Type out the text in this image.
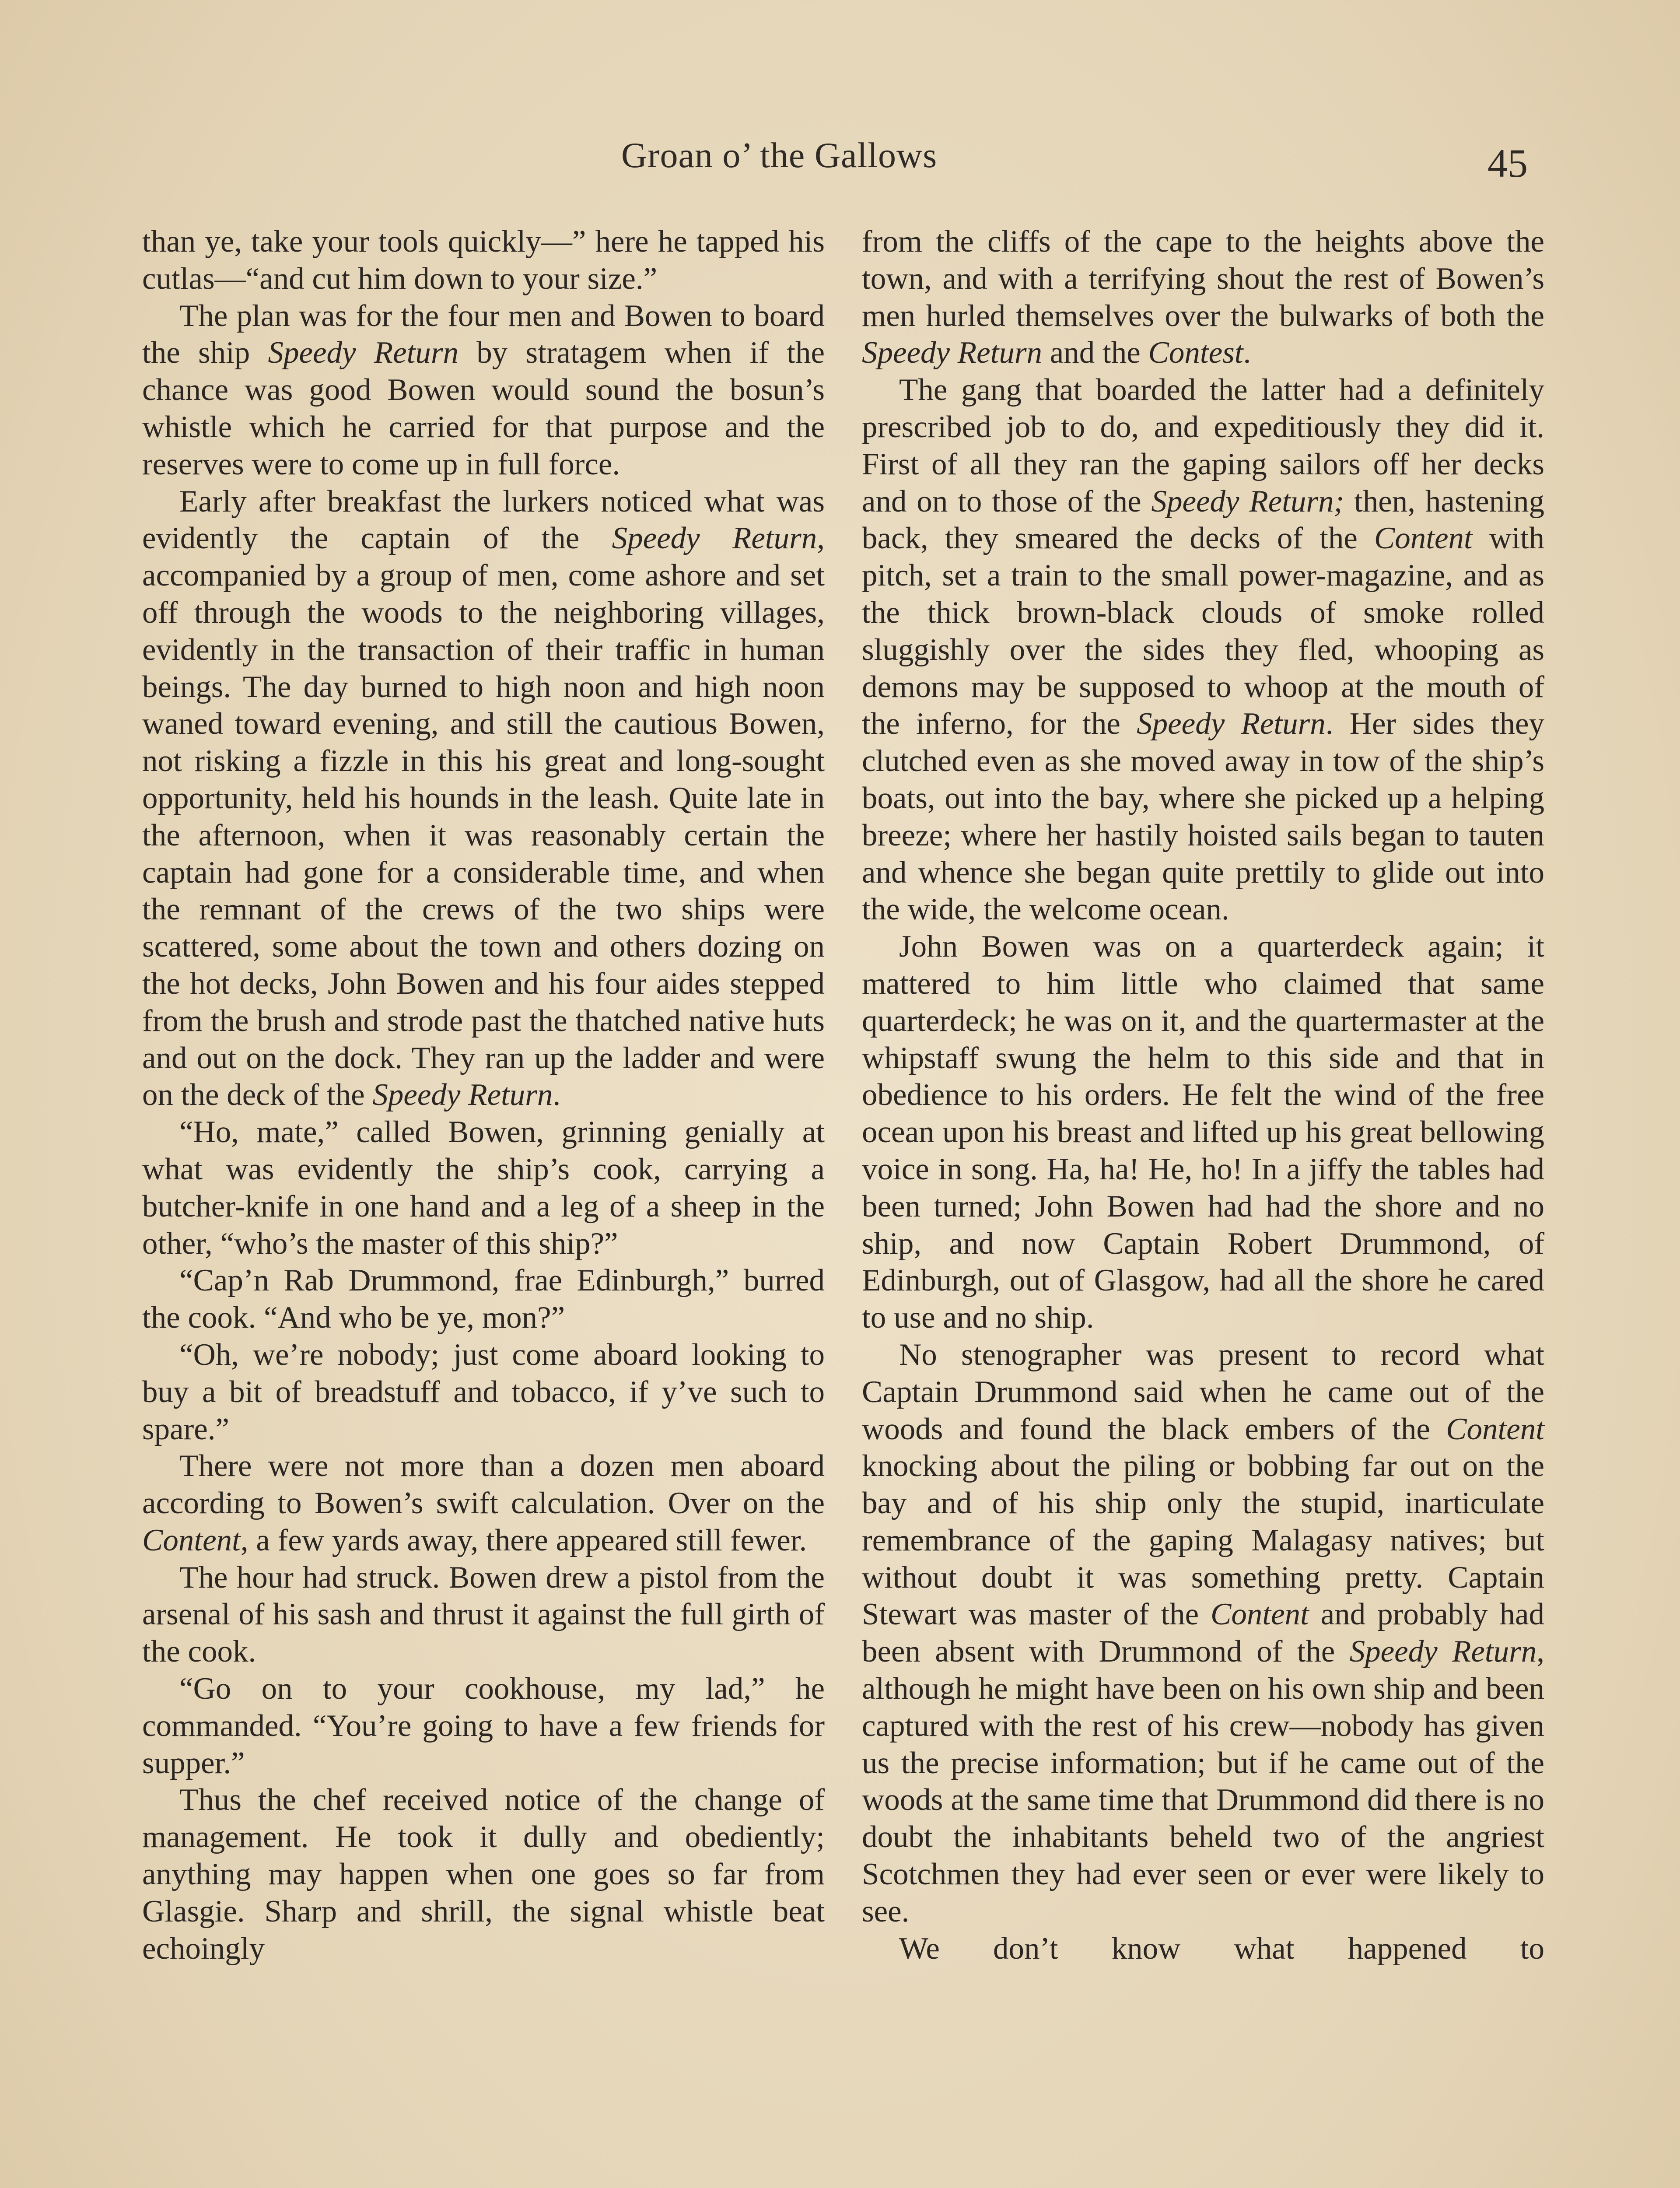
Groan o’ the Gallows	45

than ye, take your tools quickly—” here he tapped his cutlas—“and cut him down to your size.”

The plan was for the four men and Bowen to board the ship Speedy Return by stratagem when if the chance was good Bowen would sound the bosun’s whistle which he carried for that purpose and the reserves were to come up in full force.

Early after breakfast the lurkers noticed what was evidently the captain of the Speedy Return, accompanied by a group of men, come ashore and set off through the woods to the neighboring villages, evidently in the transaction of their traffic in human beings. The day burned to high noon and high noon waned toward evening, and still the cautious Bowen, not risking a fizzle in this his great and long-sought opportunity, held his hounds in the leash. Quite late in the afternoon, when it was reasonably certain the captain had gone for a considerable time, and when the remnant of the crews of the two ships were scattered, some about the town and others dozing on the hot decks, John Bowen and his four aides stepped from the brush and strode past the thatched native huts and out on the dock. They ran up the ladder and were on the deck of the Speedy Return.

“Ho, mate,” called Bowen, grinning genially at what was evidently the ship’s cook, carrying a butcher-knife in one hand and a leg of a sheep in the other, “who’s the master of this ship?”

“Cap’n Rab Drummond, frae Edinburgh,” burred the cook. “And who be ye, mon?”

“Oh, we’re nobody; just come aboard looking to buy a bit of breadstuff and tobacco, if y’ve such to spare.”

There were not more than a dozen men aboard according to Bowen’s swift calculation. Over on the Content, a few yards away, there appeared still fewer.

The hour had struck. Bowen drew a pistol from the arsenal of his sash and thrust it against the full girth of the cook.

“Go on to your cookhouse, my lad,” he commanded. “You’re going to have a few friends for supper.”

Thus the chef received notice of the change of management. He took it dully and obediently; anything may happen when one goes so far from Glasgie. Sharp and shrill, the signal whistle beat echoingly

from the cliffs of the cape to the heights above the town, and with a terrifying shout the rest of Bowen’s men hurled themselves over the bulwarks of both the Speedy Return and the Contest.

The gang that boarded the latter had a definitely prescribed job to do, and expeditiously they did it. First of all they ran the gaping sailors off her decks and on to those of the Speedy Return; then, hastening back, they smeared the decks of the Content with pitch, set a train to the small power-magazine, and as the thick brown-black clouds of smoke rolled sluggishly over the sides they fled, whooping as demons may be supposed to whoop at the mouth of the inferno, for the Speedy Return. Her sides they clutched even as she moved away in tow of the ship’s boats, out into the bay, where she picked up a helping breeze; where her hastily hoisted sails began to tauten and whence she began quite prettily to glide out into the wide, the welcome ocean.

John Bowen was on a quarterdeck again; it mattered to him little who claimed that same quarterdeck; he was on it, and the quartermaster at the whipstaff swung the helm to this side and that in obedience to his orders. He felt the wind of the free ocean upon his breast and lifted up his great bellowing voice in song. Ha, ha! He, ho! In a jiffy the tables had been turned; John Bowen had had the shore and no ship, and now Captain Robert Drummond, of Edinburgh, out of Glasgow, had all the shore he cared to use and no ship.

No stenographer was present to record what Captain Drummond said when he came out of the woods and found the black embers of the Content knocking about the piling or bobbing far out on the bay and of his ship only the stupid, inarticulate remembrance of the gaping Malagasy natives; but without doubt it was something pretty. Captain Stewart was master of the Content and probably had been absent with Drummond of the Speedy Return, although he might have been on his own ship and been captured with the rest of his crew—nobody has given us the precise information; but if he came out of the woods at the same time that Drummond did there is no doubt the inhabitants beheld two of the angriest Scotchmen they had ever seen or ever were likely to see.

We don’t know what happened to
